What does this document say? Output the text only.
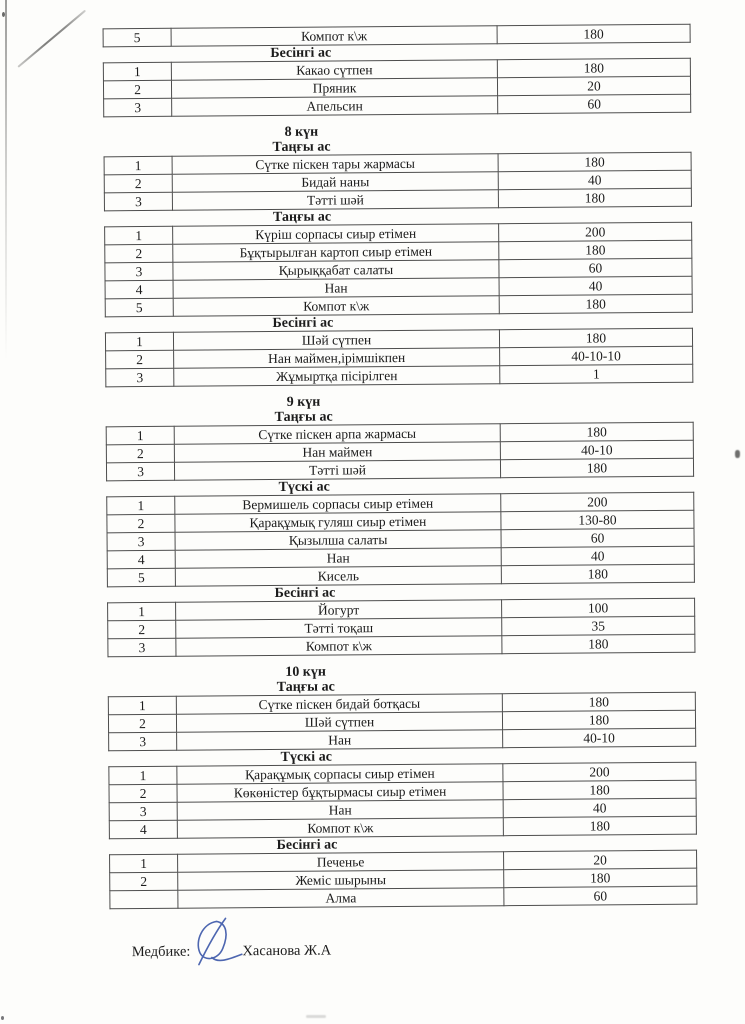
5	Компот к\ж	180
Бесінгі ас
1	Какао сүтпен	180
2	Пряник	20
3	Апельсин	60
8 күн
Таңғы ас
1	Сүтке піскен тары жармасы	180
2	Бидай наны	40
3	Тәтті шәй	180
Таңғы ас
1	Күріш сорпасы сиыр етімен	200
2	Бұқтырылған картоп сиыр етімен	180
3	Қырыққабат салаты	60
4	Нан	40
5	Компот к\ж	180
Бесінгі ас
1	Шәй сүтпен	180
2	Нан маймен,ірімшікпен	40-10-10
3	Жұмыртқа пісірілген	1
9 күн
Таңғы ас
1	Сүтке піскен арпа жармасы	180
2	Нан маймен	40-10
3	Тәтті шәй	180
Түскі ас
1	Вермишель сорпасы сиыр етімен	200
2	Қарақұмық гуляш сиыр етімен	130-80
3	Қызылша салаты	60
4	Нан	40
5	Кисель	180
Бесінгі ас
1	Йогурт	100
2	Тәтті тоқаш	35
3	Компот к\ж	180
10 күн
Таңғы ас
1	Сүтке піскен бидай ботқасы	180
2	Шәй сүтпен	180
3	Нан	40-10
Түскі ас
1	Қарақұмық сорпасы сиыр етімен	200
2	Көкөністер бұқтырмасы сиыр етімен	180
3	Нан	40
4	Компот к\ж	180
Бесінгі ас
1	Печенье	20
2	Жеміс шырыны	180
	Алма	60
Медбике:	Хасанова Ж.А
